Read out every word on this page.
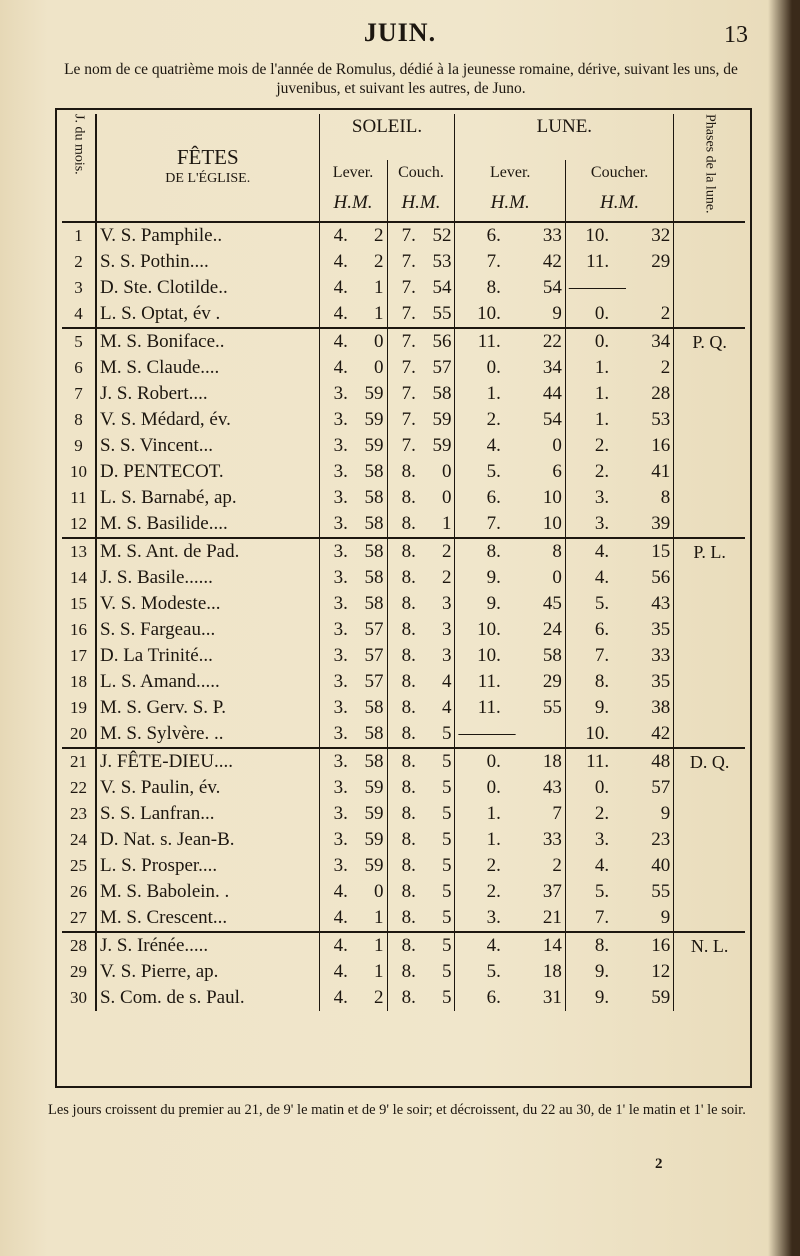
JUIN.	13
Le nom de ce quatrième mois de l'année de Romulus, dédié à la jeunesse romaine, dérive, suivant les uns, de juvenibus, et suivant les autres, de Juno.
J. du mois.	FÊTES
DE L'ÉGLISE.	SOLEIL.				LUNE.				Phases de la lune.
		Lever.		Couch.		Lever.		Coucher.		
		H.M.		H.M.		H.M.		H.M.		
1	V. S. Pamphile..	4.	2	7.	52	6.	33	10.	32	
2	S. S. Pothin....	4.	2	7.	53	7.	42	11.	29	
3	D. Ste. Clotilde..	4.	1	7.	54	8.	54	———		
4	L. S. Optat, év .	4.	1	7.	55	10.	9	0.	2	
5	M. S. Boniface..	4.	0	7.	56	11.	22	0.	34	P. Q.
6	M. S. Claude....	4.	0	7.	57	0.	34	1.	2	
7	J. S. Robert....	3.	59	7.	58	1.	44	1.	28	
8	V. S. Médard, év.	3.	59	7.	59	2.	54	1.	53	
9	S. S. Vincent...	3.	59	7.	59	4.	0	2.	16	
10	D. PENTECOT.	3.	58	8.	0	5.	6	2.	41	
11	L. S. Barnabé, ap.	3.	58	8.	0	6.	10	3.	8	
12	M. S. Basilide....	3.	58	8.	1	7.	10	3.	39	
13	M. S. Ant. de Pad.	3.	58	8.	2	8.	8	4.	15	P. L.
14	J. S. Basile......	3.	58	8.	2	9.	0	4.	56	
15	V. S. Modeste...	3.	58	8.	3	9.	45	5.	43	
16	S. S. Fargeau...	3.	57	8.	3	10.	24	6.	35	
17	D. La Trinité...	3.	57	8.	3	10.	58	7.	33	
18	L. S. Amand.....	3.	57	8.	4	11.	29	8.	35	
19	M. S. Gerv. S. P.	3.	58	8.	4	11.	55	9.	38	
20	M. S. Sylvère. ..	3.	58	8.	5	———		10.	42	
21	J. FÊTE-DIEU....	3.	58	8.	5	0.	18	11.	48	D. Q.
22	V. S. Paulin, év.	3.	59	8.	5	0.	43	0.	57	
23	S. S. Lanfran...	3.	59	8.	5	1.	7	2.	9	
24	D. Nat. s. Jean-B.	3.	59	8.	5	1.	33	3.	23	
25	L. S. Prosper....	3.	59	8.	5	2.	2	4.	40	
26	M. S. Babolein. .	4.	0	8.	5	2.	37	5.	55	
27	M. S. Crescent...	4.	1	8.	5	3.	21	7.	9	
28	J. S. Irénée.....	4.	1	8.	5	4.	14	8.	16	N. L.
29	V. S. Pierre, ap.	4.	1	8.	5	5.	18	9.	12	
30	S. Com. de s. Paul.	4.	2	8.	5	6.	31	9.	59	
Les jours croissent du premier au 21, de 9' le matin et de 9' le soir; et décroissent, du 22 au 30, de 1' le matin et 1' le soir.
2
